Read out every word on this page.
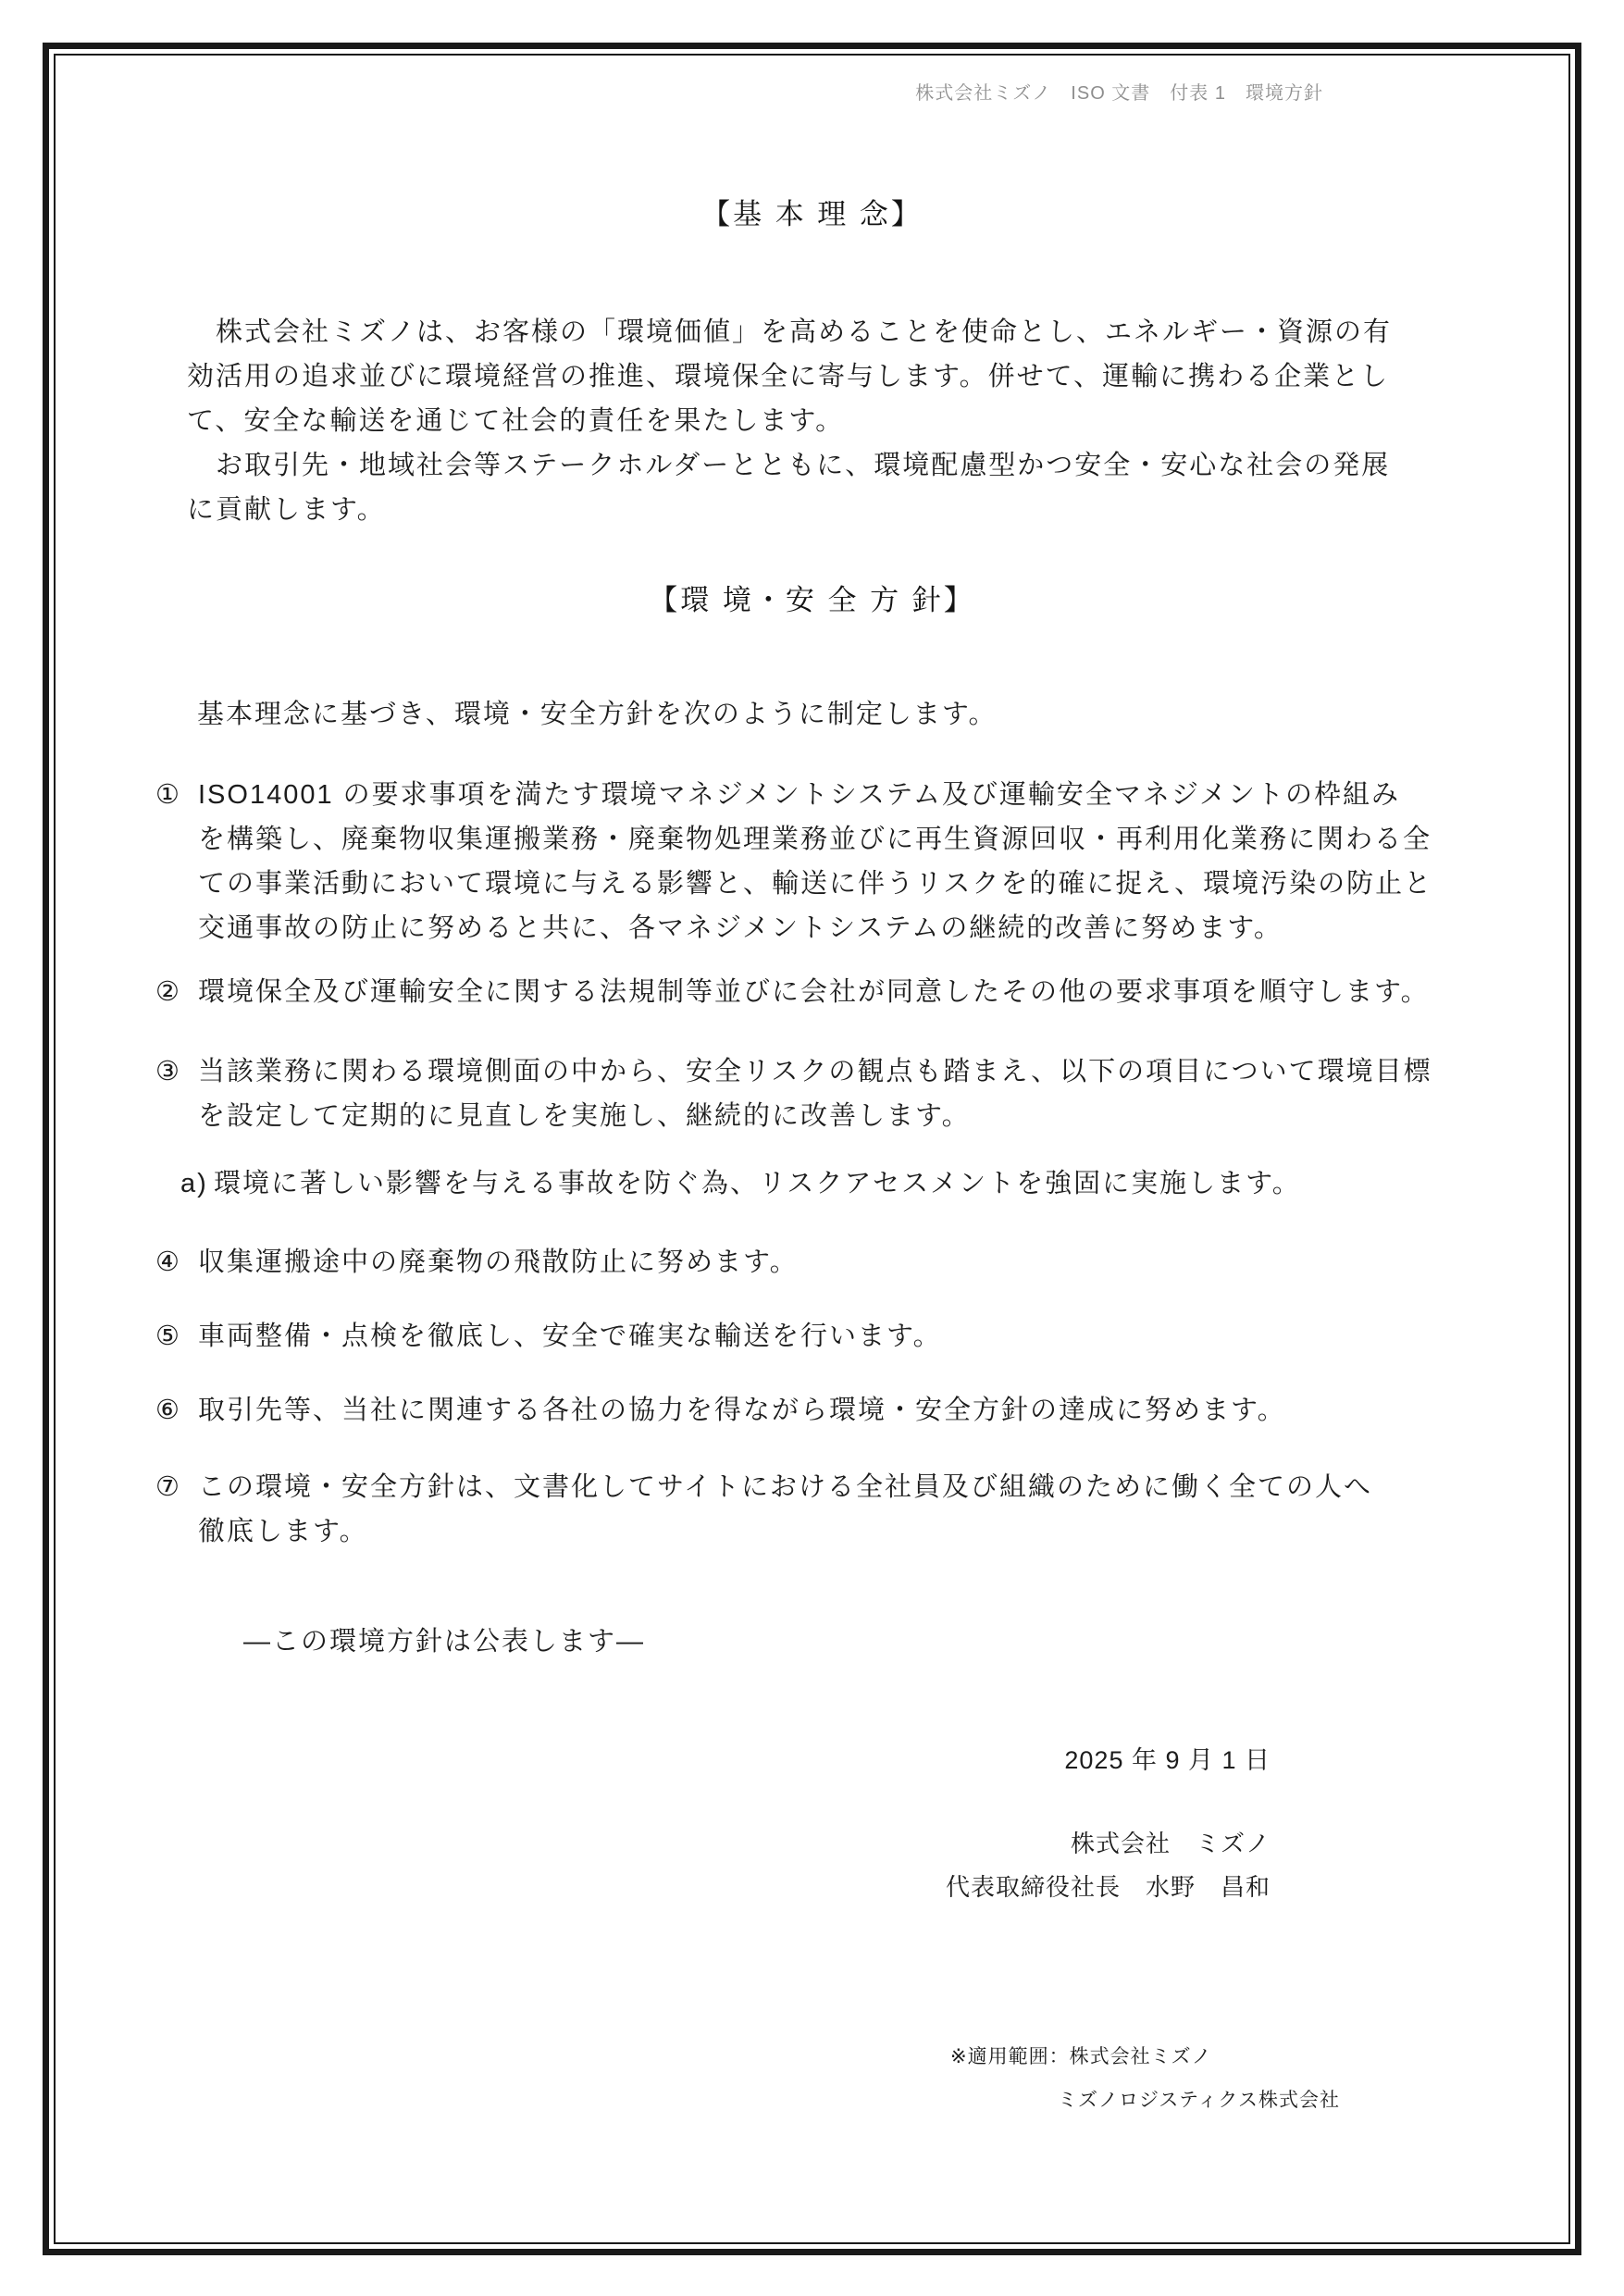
株式会社ミズノ　ISO 文書　付表 1　環境方針
【基 本 理 念】
　株式会社ミズノは、お客様の「環境価値」を高めることを使命とし、エネルギー・資源の有
効活用の追求並びに環境経営の推進、環境保全に寄与します。併せて、運輸に携わる企業とし
て、安全な輸送を通じて社会的責任を果たします。
　お取引先・地域社会等ステークホルダーとともに、環境配慮型かつ安全・安心な社会の発展
に貢献します。
【環 境・安 全 方 針】
基本理念に基づき、環境・安全方針を次のように制定します。
① ISO14001 の要求事項を満たす環境マネジメントシステム及び運輸安全マネジメントの枠組み
を構築し、廃棄物収集運搬業務・廃棄物処理業務並びに再生資源回収・再利用化業務に関わる全
ての事業活動において環境に与える影響と、輸送に伴うリスクを的確に捉え、環境汚染の防止と
交通事故の防止に努めると共に、各マネジメントシステムの継続的改善に努めます。
② 環境保全及び運輸安全に関する法規制等並びに会社が同意したその他の要求事項を順守します。
③ 当該業務に関わる環境側面の中から、安全リスクの観点も踏まえ、以下の項目について環境目標
を設定して定期的に見直しを実施し、継続的に改善します。
a) 環境に著しい影響を与える事故を防ぐ為、リスクアセスメントを強固に実施します。
④ 収集運搬途中の廃棄物の飛散防止に努めます。
⑤ 車両整備・点検を徹底し、安全で確実な輸送を行います。
⑥ 取引先等、当社に関連する各社の協力を得ながら環境・安全方針の達成に努めます。
⑦ この環境・安全方針は、文書化してサイトにおける全社員及び組織のために働く全ての人へ
徹底します。
―この環境方針は公表します―
2025 年 9 月 1 日
株式会社　ミズノ
代表取締役社長　水野　昌和
※適用範囲：株式会社ミズノ
ミズノロジスティクス株式会社
